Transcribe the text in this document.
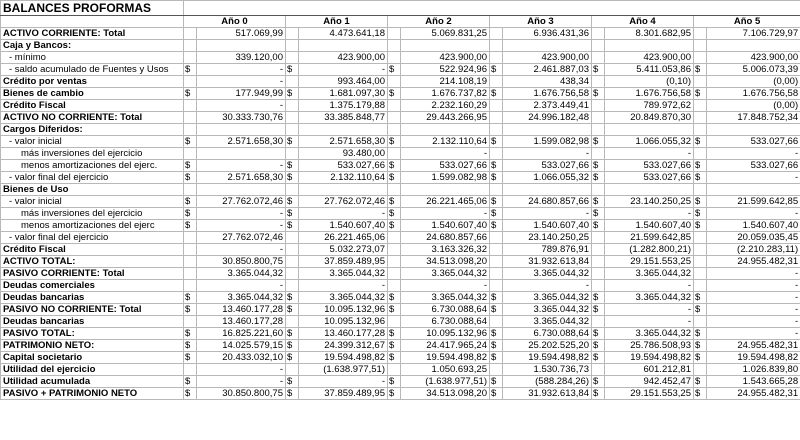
BALANCES PROFORMAS												
	Año 0		Año 1		Año 2		Año 3		Año 4		Año 5	
ACTIVO CORRIENTE: Total		517.069,99		4.473.641,18		5.069.831,25		6.936.431,36		8.301.682,95		7.106.729,97
Caja y Bancos:												
- mínimo		339.120,00		423.900,00		423.900,00		423.900,00		423.900,00		423.900,00
- saldo acumulado de Fuentes y Usos	$	-	$	-	$	522.924,96	$	2.461.887,03	$	5.411.053,86	$	5.006.073,39
Crédito por ventas		-		993.464,00		214.108,19		438,34		(0,10)		(0,00)
Bienes de cambio	$	177.949,99	$	1.681.097,30	$	1.676.737,82	$	1.676.756,58	$	1.676.756,58	$	1.676.756,58
Crédito Fiscal		-		1.375.179,88		2.232.160,29		2.373.449,41		789.972,62		(0,00)
ACTIVO NO CORRIENTE: Total		30.333.730,76		33.385.848,77		29.443.266,95		24.996.182,48		20.849.870,30		17.848.752,34
Cargos Diferidos:												
- valor inicial	$	2.571.658,30	$	2.571.658,30	$	2.132.110,64	$	1.599.082,98	$	1.066.055,32	$	533.027,66
más inversiones del ejercicio				93.480,00		-		-		-		-
menos amortizaciones del ejerc.	$	-	$	533.027,66	$	533.027,66	$	533.027,66	$	533.027,66	$	533.027,66
- valor final del ejercicio	$	2.571.658,30	$	2.132.110,64	$	1.599.082,98	$	1.066.055,32	$	533.027,66	$	-
Bienes de Uso												
- valor inicial	$	27.762.072,46	$	27.762.072,46	$	26.221.465,06	$	24.680.857,66	$	23.140.250,25	$	21.599.642,85
más inversiones del ejercicio	$	-	$	-	$	-	$	-	$	-	$	-
menos amortizaciones del ejerc	$	-	$	1.540.607,40	$	1.540.607,40	$	1.540.607,40	$	1.540.607,40	$	1.540.607,40
- valor final del ejercicio		27.762.072,46		26.221.465,06		24.680.857,66		23.140.250,25		21.599.642,85		20.059.035,45
Crédito Fiscal		-		5.032.273,07		3.163.326,32		789.876,91		(1.282.800,21)		(2.210.283,11)
ACTIVO TOTAL:		30.850.800,75		37.859.489,95		34.513.098,20		31.932.613,84		29.151.553,25		24.955.482,31
PASIVO CORRIENTE: Total		3.365.044,32		3.365.044,32		3.365.044,32		3.365.044,32		3.365.044,32		-
Deudas comerciales		-		-		-		-		-		-
Deudas bancarias	$	3.365.044,32	$	3.365.044,32	$	3.365.044,32	$	3.365.044,32	$	3.365.044,32	$	-
PASIVO NO CORRIENTE: Total	$	13.460.177,28	$	10.095.132,96	$	6.730.088,64	$	3.365.044,32	$	-	$	-
Deudas bancarias		13.460.177,28		10.095.132,96		6.730.088,64		3.365.044,32		-		-
PASIVO TOTAL:	$	16.825.221,60	$	13.460.177,28	$	10.095.132,96	$	6.730.088,64	$	3.365.044,32	$	-
PATRIMONIO NETO:	$	14.025.579,15	$	24.399.312,67	$	24.417.965,24	$	25.202.525,20	$	25.786.508,93	$	24.955.482,31
Capital societario	$	20.433.032,10	$	19.594.498,82	$	19.594.498,82	$	19.594.498,82	$	19.594.498,82	$	19.594.498,82
Utilidad del ejercicio		-		(1.638.977,51)		1.050.693,25		1.530.736,73		601.212,81		1.026.839,80
Utilidad acumulada	$	-	$	-	$	(1.638.977,51)	$	(588.284,26)	$	942.452,47	$	1.543.665,28
PASIVO + PATRIMONIO NETO	$	30.850.800,75	$	37.859.489,95	$	34.513.098,20	$	31.932.613,84	$	29.151.553,25	$	24.955.482,31
